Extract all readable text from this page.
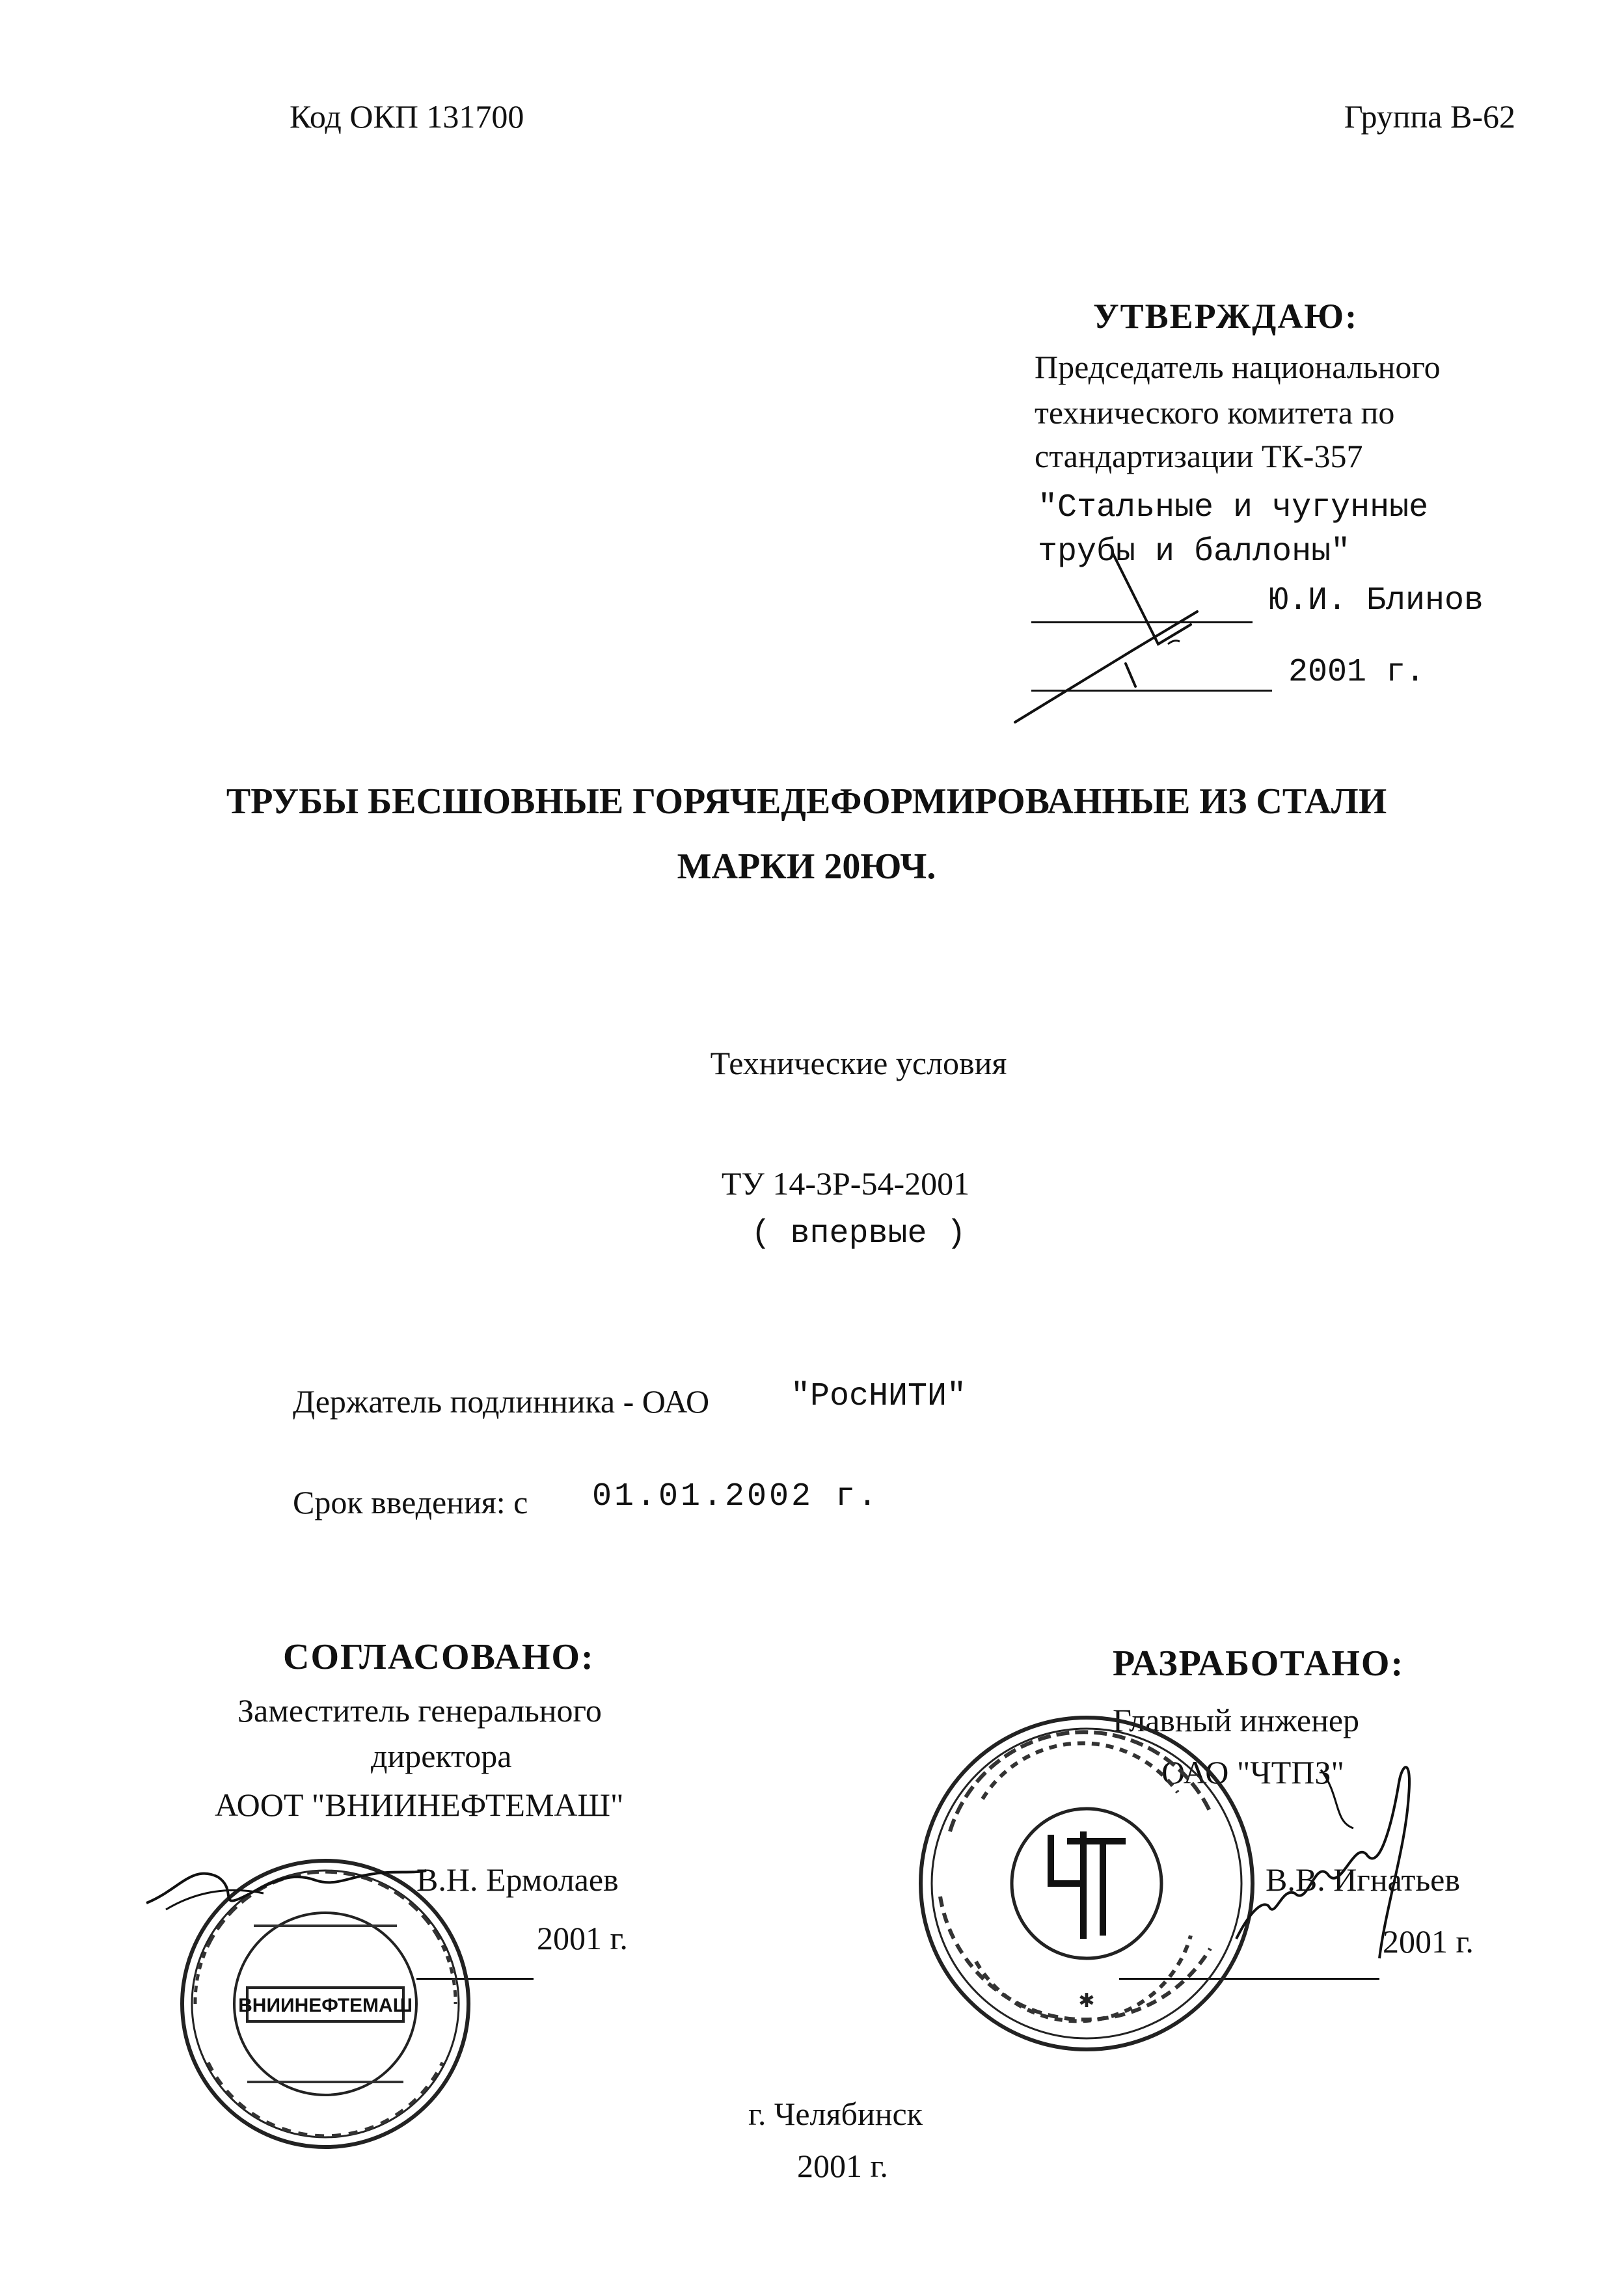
Код ОКП 131700	Группа В-62
УТВЕРЖДАЮ:
Председатель национального
технического комитета по
стандартизации ТК-357
"Стальные и чугунные
трубы и баллоны"
Ю.И. Блинов
2001 г.
ТРУБЫ БЕСШОВНЫЕ ГОРЯЧЕДЕФОРМИРОВАННЫЕ ИЗ СТАЛИ
МАРКИ 20ЮЧ.
Технические условия
ТУ 14-3Р-54-2001
( впервые )
Держатель подлинника - ОАО "РосНИТИ"
Срок введения: с 01.01.2002 г.
СОГЛАСОВАНО:
Заместитель генерального
директора
АООТ "ВНИИНЕФТЕМАШ"
В.Н. Ермолаев
2001 г.
ВНИИНЕФТЕМАШ
РАЗРАБОТАНО:
Главный инженер
ОАО "ЧТПЗ"
В.В. Игнатьев
2001 г.
✱
г. Челябинск
2001 г.
